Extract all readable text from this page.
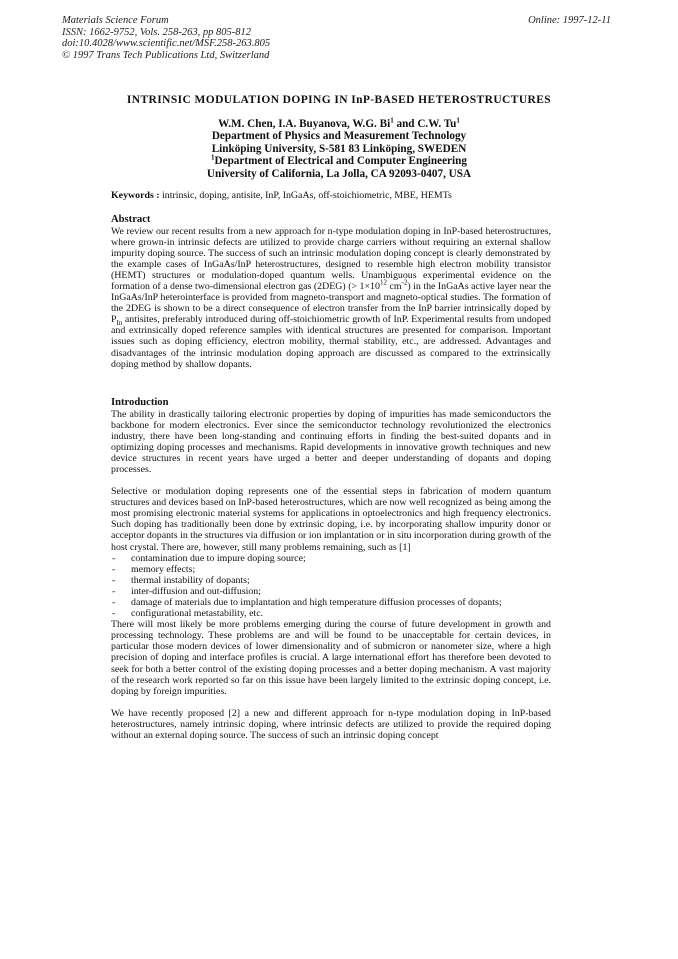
Materials Science Forum
ISSN: 1662-9752, Vols. 258-263, pp 805-812
doi:10.4028/www.scientific.net/MSF.258-263.805
© 1997 Trans Tech Publications Ltd, Switzerland
Online: 1997-12-11
INTRINSIC MODULATION DOPING IN InP-BASED HETEROSTRUCTURES
W.M. Chen, I.A. Buyanova, W.G. Bi$^1$ and C.W. Tu$^1$
Department of Physics and Measurement Technology
Linköping University, S-581 83 Linköping, SWEDEN
$^1$Department of Electrical and Computer Engineering
University of California, La Jolla, CA 92093-0407, USA
Keywords : intrinsic, doping, antisite, InP, InGaAs, off-stoichiometric, MBE, HEMTs
Abstract

We review our recent results from a new approach for n-type modulation doping in InP-based heterostructures, where grown-in intrinsic defects are utilized to provide charge carriers without requiring an external shallow impurity doping source. The success of such an intrinsic modulation doping concept is clearly demonstrated by the example cases of InGaAs/InP heterostructures, designed to resemble high electron mobility transistor (HEMT) structures or modulation-doped quantum wells. Unambiguous experimental evidence on the formation of a dense two-dimensional electron gas (2DEG) (> $1\times 10^{12}$ $cm^{-2}$) in the InGaAs active layer near the InGaAs/InP heterointerface is provided from magneto-transport and magneto-optical studies. The formation of the 2DEG is shown to be a direct consequence of electron transfer from the InP barrier intrinsically doped by $P_{In}$ antisites, preferably introduced during off-stoichiometric growth of InP. Experimental results from undoped and extrinsically doped reference samples with identical structures are presented for comparison. Important issues such as doping efficiency, electron mobility, thermal stability, etc., are addressed. Advantages and disadvantages of the intrinsic modulation doping approach are discussed as compared to the extrinsically doping method by shallow dopants.

Introduction

The ability in drastically tailoring electronic properties by doping of impurities has made semiconductors the backbone for modern electronics. Ever since the semiconductor technology revolutionized the electronics industry, there have been long-standing and continuing efforts in finding the best-suited dopants and in optimizing doping processes and mechanisms. Rapid developments in innovative growth techniques and new device structures in recent years have urged a better and deeper understanding of dopants and doping processes.

Selective or modulation doping represents one of the essential steps in fabrication of modern quantum structures and devices based on InP-based heterostructures, which are now well recognized as being among the most promising electronic material systems for applications in optoelectronics and high frequency electronics. Such doping has traditionally been done by extrinsic doping, i.e. by incorporating shallow impurity donor or acceptor dopants in the structures via diffusion or ion implantation or in situ incorporation during growth of the host crystal. There are, however, still many problems remaining, such as [1]

- contamination due to impure doping source;
- memory effects;
- thermal instability of dopants;
- inter-diffusion and out-diffusion;
- damage of materials due to implantation and high temperature diffusion processes of dopants;
- configurational metastability, etc.

There will most likely be more problems emerging during the course of future development in growth and processing technology. These problems are and will be found to be unacceptable for certain devices, in particular those modern devices of lower dimensionality and of submicron or nanometer size, where a high precision of doping and interface profiles is crucial. A large international effort has therefore been devoted to seek for both a better control of the existing doping processes and a better doping mechanism. A vast majority of the research work reported so far on this issue have been largely limited to the extrinsic doping concept, i.e. doping by foreign impurities.

We have recently proposed [2] a new and different approach for n-type modulation doping in InP-based heterostructures, namely intrinsic doping, where intrinsic defects are utilized to provide the required doping without an external doping source. The success of such an intrinsic doping concept
